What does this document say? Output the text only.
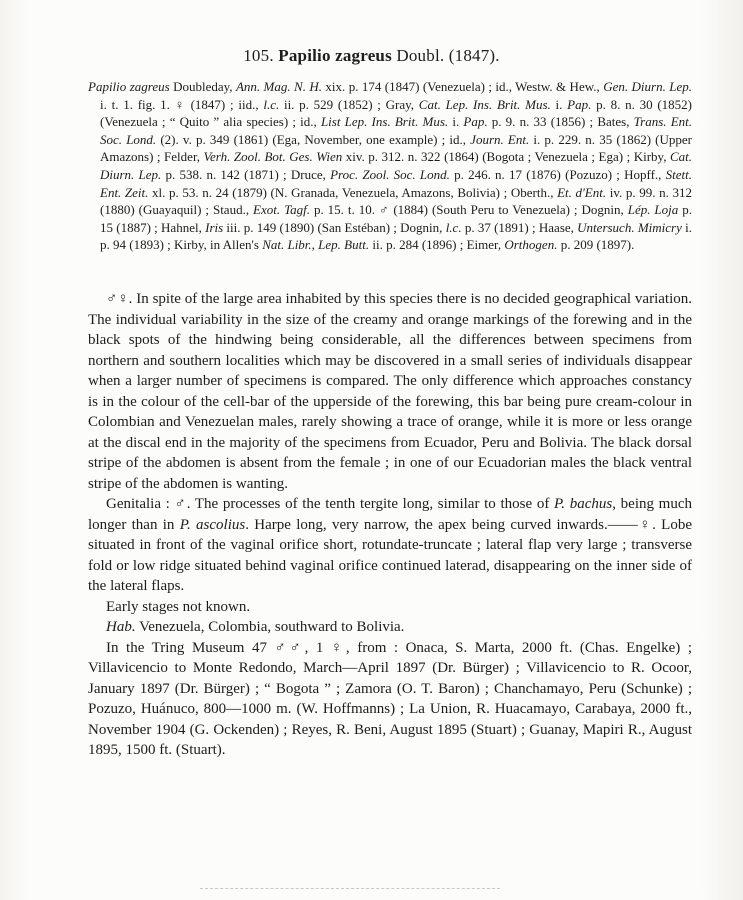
105. Papilio zagreus Doubl. (1847).
Papilio zagreus Doubleday, Ann. Mag. N. H. xix. p. 174 (1847) (Venezuela) ; id., Westw. & Hew., Gen. Diurn. Lep. i. t. 1. fig. 1. ♀ (1847) ; iid., l.c. ii. p. 529 (1852) ; Gray, Cat. Lep. Ins. Brit. Mus. i. Pap. p. 8. n. 30 (1852) (Venezuela ; “ Quito ” alia species) ; id., List Lep. Ins. Brit. Mus. i. Pap. p. 9. n. 33 (1856) ; Bates, Trans. Ent. Soc. Lond. (2). v. p. 349 (1861) (Ega, November, one example) ; id., Journ. Ent. i. p. 229. n. 35 (1862) (Upper Amazons) ; Felder, Verh. Zool. Bot. Ges. Wien xiv. p. 312. n. 322 (1864) (Bogota ; Venezuela ; Ega) ; Kirby, Cat. Diurn. Lep. p. 538. n. 142 (1871) ; Druce, Proc. Zool. Soc. Lond. p. 246. n. 17 (1876) (Pozuzo) ; Hopff., Stett. Ent. Zeit. xl. p. 53. n. 24 (1879) (N. Granada, Venezuela, Amazons, Bolivia) ; Oberth., Et. d'Ent. iv. p. 99. n. 312 (1880) (Guayaquil) ; Staud., Exot. Tagf. p. 15. t. 10. ♂ (1884) (South Peru to Venezuela) ; Dognin, Lép. Loja p. 15 (1887) ; Hahnel, Iris iii. p. 149 (1890) (San Estéban) ; Dognin, l.c. p. 37 (1891) ; Haase, Untersuch. Mimicry i. p. 94 (1893) ; Kirby, in Allen's Nat. Libr., Lep. Butt. ii. p. 284 (1896) ; Eimer, Orthogen. p. 209 (1897).

♂♀. In spite of the large area inhabited by this species there is no decided geographical variation. The individual variability in the size of the creamy and orange markings of the forewing and in the black spots of the hindwing being considerable, all the differences between specimens from northern and southern localities which may be discovered in a small series of individuals disappear when a larger number of specimens is compared. The only difference which approaches constancy is in the colour of the cell-bar of the upperside of the forewing, this bar being pure cream-colour in Colombian and Venezuelan males, rarely showing a trace of orange, while it is more or less orange at the discal end in the majority of the specimens from Ecuador, Peru and Bolivia. The black dorsal stripe of the abdomen is absent from the female ; in one of our Ecuadorian males the black ventral stripe of the abdomen is wanting.

Genitalia : ♂. The processes of the tenth tergite long, similar to those of P. bachus, being much longer than in P. ascolius. Harpe long, very narrow, the apex being curved inwards.——♀. Lobe situated in front of the vaginal orifice short, rotundate-truncate ; lateral flap very large ; transverse fold or low ridge situated behind vaginal orifice continued laterad, disappearing on the inner side of the lateral flaps.

Early stages not known.

Hab. Venezuela, Colombia, southward to Bolivia.

In the Tring Museum 47 ♂♂, 1 ♀, from : Onaca, S. Marta, 2000 ft. (Chas. Engelke) ; Villavicencio to Monte Redondo, March—April 1897 (Dr. Bürger) ; Villavicencio to R. Ocoor, January 1897 (Dr. Bürger) ; “ Bogota ” ; Zamora (O. T. Baron) ; Chanchamayo, Peru (Schunke) ; Pozuzo, Huánuco, 800—1000 m. (W. Hoffmanns) ; La Union, R. Huacamayo, Carabaya, 2000 ft., November 1904 (G. Ockenden) ; Reyes, R. Beni, August 1895 (Stuart) ; Guanay, Mapiri R., August 1895, 1500 ft. (Stuart).
